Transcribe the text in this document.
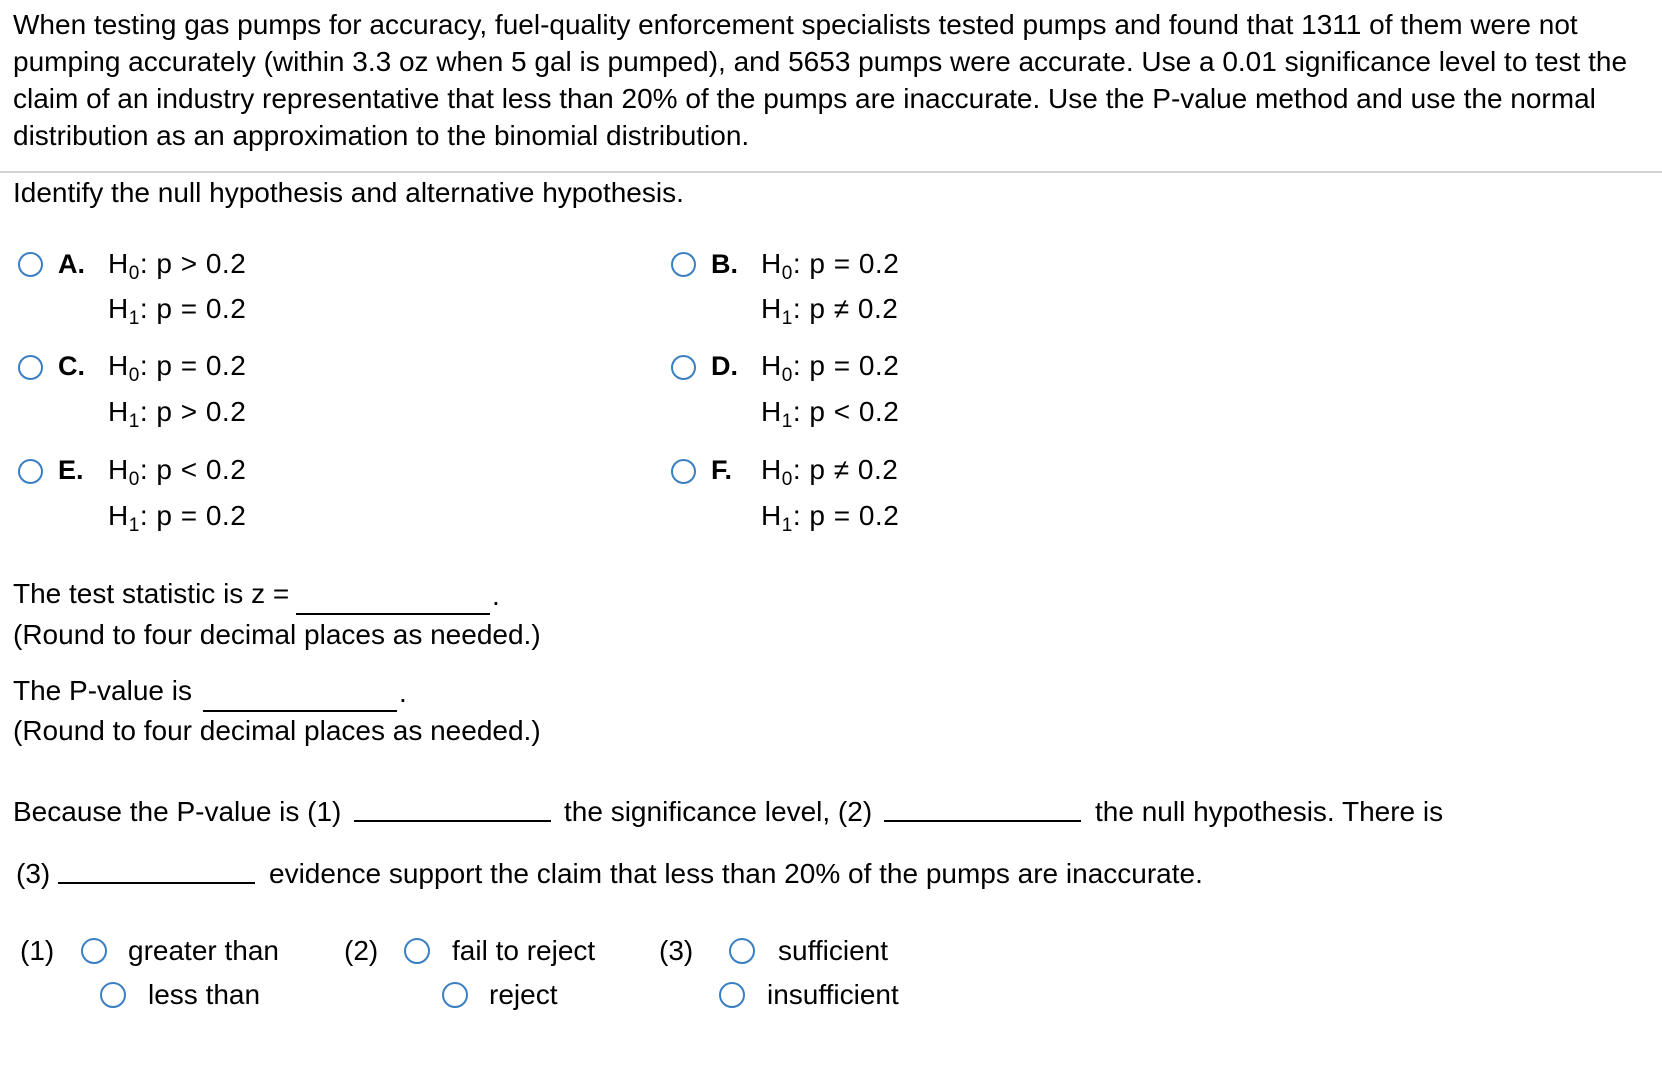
When testing gas pumps for accuracy, fuel-quality enforcement specialists tested pumps and found that 1311 of them were not pumping accurately (within 3.3 oz when 5 gal is pumped), and 5653 pumps were accurate. Use a 0.01 significance level to test the claim of an industry representative that less than 20% of the pumps are inaccurate. Use the P-value method and use the normal distribution as an approximation to the binomial distribution.
Identify the null hypothesis and alternative hypothesis.
A. $H_0$: p > 0.2
$H_1$: p = 0.2
B. $H_0$: p = 0.2
$H_1$: p ≠ 0.2
C. $H_0$: p = 0.2
$H_1$: p > 0.2
D. $H_0$: p = 0.2
$H_1$: p < 0.2
E. $H_0$: p < 0.2
$H_1$: p = 0.2
F. $H_0$: p ≠ 0.2
$H_1$: p = 0.2
The test statistic is z =	.
(Round to four decimal places as needed.)
The P-value is	.
(Round to four decimal places as needed.)
Because the P-value is (1)	the significance level, (2)	the null hypothesis. There is
(3)	evidence support the claim that less than 20% of the pumps are inaccurate.
(1)	greater than
less than
(2)	fail to reject
reject
(3)	sufficient
insufficient
